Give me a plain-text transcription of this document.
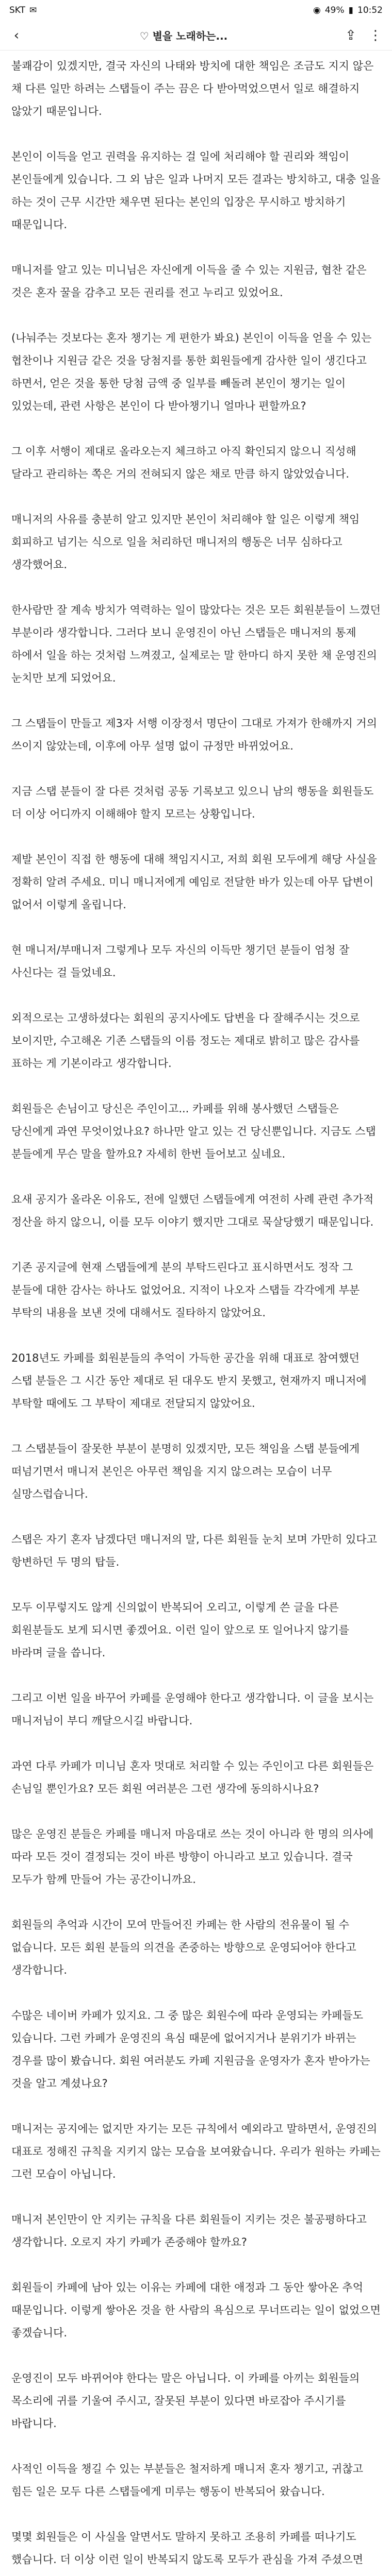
SKT ✉	◉ 49% ▮ 10:52
‹	♡ 별을 노래하는...	⇪ ⋮

불쾌감이 있겠지만, 결국 자신의 나태와 방치에 대한 책임은 조금도 지지 않은 채 다른 일만 하려는 스탭들이 주는 끔은 다 받아먹었으면서 일로 해결하지 않았기 때문입니다.

본인이 이득을 얻고 권력을 유지하는 걸 일에 처리해야 할 권리와 책임이 본인들에게 있습니다. 그 외 남은 일과 나머지 모든 결과는 방치하고, 대충 일을 하는 것이 근무 시간만 채우면 된다는 본인의 입장은 무시하고 방치하기 때문입니다.

매니저를 알고 있는 미니님은 자신에게 이득을 줄 수 있는 지원금, 협찬 같은 것은 혼자 꿀을 감추고 모든 권리를 전고 누리고 있었어요.

(나눠주는 것보다는 혼자 챙기는 게 편한가 봐요) 본인이 이득을 얻을 수 있는 협찬이나 지원금 같은 것을 당첨지를 통한 회원들에게 감사한 일이 생긴다고 하면서, 얻은 것을 통한 당첨 금액 중 일부를 빼돌려 본인이 챙기는 일이 있었는데, 관련 사항은 본인이 다 받아챙기니 얼마나 편할까요?

그 이후 서행이 제대로 올라오는지 체크하고 아직 확인되지 않으니 직성해 달라고 관리하는 쪽은 거의 전혀되지 않은 채로 만큼 하지 않았었습니다.

매니저의 사유를 충분히 알고 있지만 본인이 처리해야 할 일은 이렇게 책임 회피하고 넘기는 식으로 일을 처리하던 매니저의 행동은 너무 심하다고 생각했어요.

한사람만 잘 계속 방치가 역력하는 일이 많았다는 것은 모든 회원분들이 느꼈던 부분이라 생각합니다. 그러다 보니 운영진이 아닌 스탭들은 매니저의 통제 하에서 일을 하는 것처럼 느껴졌고, 실제로는 말 한마디 하지 못한 채 운영진의 눈치만 보게 되었어요.

그 스탭들이 만들고 제3자 서행 이장정서 명단이 그대로 가져가 한해까지 거의 쓰이지 않았는데, 이후에 아무 설명 없이 규정만 바뀌었어요.

지금 스탭 분들이 잘 다른 것처럼 공동 기록보고 있으니 남의 행동을 회원들도 더 이상 어디까지 이해해야 할지 모르는 상황입니다.

제발 본인이 직접 한 행동에 대해 책임지시고, 저희 회원 모두에게 해당 사실을 정확히 알려 주세요. 미니 매니저에게 예임로 전달한 바가 있는데 아무 답변이 없어서 이렇게 올립니다.

현 매니저/부매니저 그렇게나 모두 자신의 이득만 챙기던 분들이 엄청 잘 사신다는 걸 들었네요.

외적으로는 고생하셨다는 회원의 공지사에도 답변을 다 잘해주시는 것으로 보이지만, 수고해온 기존 스탭들의 이름 정도는 제대로 밝히고 많은 감사를 표하는 게 기본이라고 생각합니다.

회원들은 손님이고 당신은 주인이고... 카페를 위해 봉사했던 스탭들은 당신에게 과연 무엇이었나요? 하나만 알고 있는 건 당신뿐입니다. 지금도 스탭 분들에게 무슨 말을 할까요? 자세히 한번 들어보고 싶네요.

요새 공지가 올라온 이유도, 전에 일했던 스탭들에게 여전히 사례 관련 추가적 정산을 하지 않으니, 이를 모두 이야기 했지만 그대로 묵살당했기 때문입니다.

기존 공지글에 현재 스탭들에게 분의 부탁드린다고 표시하면서도 정작 그 분들에 대한 감사는 하나도 없었어요. 지적이 나오자 스탭들 각각에게 부분 부탁의 내용을 보낸 것에 대해서도 질타하지 않았어요.

2018년도 카페를 회원분들의 추억이 가득한 공간을 위해 대표로 참여했던 스탭 분들은 그 시간 동안 제대로 된 대우도 받지 못했고, 현재까지 매니저에 부탁할 때에도 그 부탁이 제대로 전달되지 않았어요.

그 스탭분들이 잘못한 부분이 분명히 있겠지만, 모든 책임을 스탭 분들에게 떠넘기면서 매니저 본인은 아무런 책임을 지지 않으려는 모습이 너무 실망스럽습니다.

스탭은 자기 혼자 남겠다던 매니저의 말, 다른 회원들 눈치 보며 가만히 있다고 항변하던 두 명의 탑들.

모두 이무렇지도 않게 신의없이 반복되어 오리고, 이렇게 쓴 글을 다른 회원분들도 보게 되시면 좋겠어요. 이런 일이 앞으로 또 일어나지 않기를 바라며 글을 씁니다.

그리고 이번 일을 바꾸어 카페를 운영해야 한다고 생각합니다. 이 글을 보시는 매니저님이 부디 깨달으시길 바랍니다.

과연 다루 카페가 미니님 혼자 멋대로 처리할 수 있는 주인이고 다른 회원들은 손님일 뿐인가요? 모든 회원 여러분은 그런 생각에 동의하시나요?

많은 운영진 분들은 카페를 매니저 마음대로 쓰는 것이 아니라 한 명의 의사에 따라 모든 것이 결정되는 것이 바른 방향이 아니라고 보고 있습니다. 결국 모두가 함께 만들어 가는 공간이니까요.

회원들의 추억과 시간이 모여 만들어진 카페는 한 사람의 전유물이 될 수 없습니다. 모든 회원 분들의 의견을 존중하는 방향으로 운영되어야 한다고 생각합니다.

수많은 네이버 카페가 있지요. 그 중 많은 회원수에 따라 운영되는 카페들도 있습니다. 그런 카페가 운영진의 욕심 때문에 없어지거나 분위기가 바뀌는 경우를 많이 봤습니다. 회원 여러분도 카페 지원금을 운영자가 혼자 받아가는 것을 알고 계셨나요?

매니저는 공지에는 없지만 자기는 모든 규칙에서 예외라고 말하면서, 운영진의 대표로 정해진 규칙을 지키지 않는 모습을 보여왔습니다. 우리가 원하는 카페는 그런 모습이 아닙니다.

매니저 본인만이 안 지키는 규칙을 다른 회원들이 지키는 것은 불공평하다고 생각합니다. 오로지 자기 카페가 존중해야 할까요?

회원들이 카페에 남아 있는 이유는 카페에 대한 애정과 그 동안 쌓아온 추억 때문입니다. 이렇게 쌓아온 것을 한 사람의 욕심으로 무너뜨리는 일이 없었으면 좋겠습니다.

운영진이 모두 바뀌어야 한다는 말은 아닙니다. 이 카페를 아끼는 회원들의 목소리에 귀를 기울여 주시고, 잘못된 부분이 있다면 바로잡아 주시기를 바랍니다.

사적인 이득을 챙길 수 있는 부분들은 철저하게 매니저 혼자 챙기고, 귀찮고 힘든 일은 모두 다른 스탭들에게 미루는 행동이 반복되어 왔습니다.

몇몇 회원들은 이 사실을 알면서도 말하지 못하고 조용히 카페를 떠나기도 했습니다. 더 이상 이런 일이 반복되지 않도록 모두가 관심을 가져 주셨으면
